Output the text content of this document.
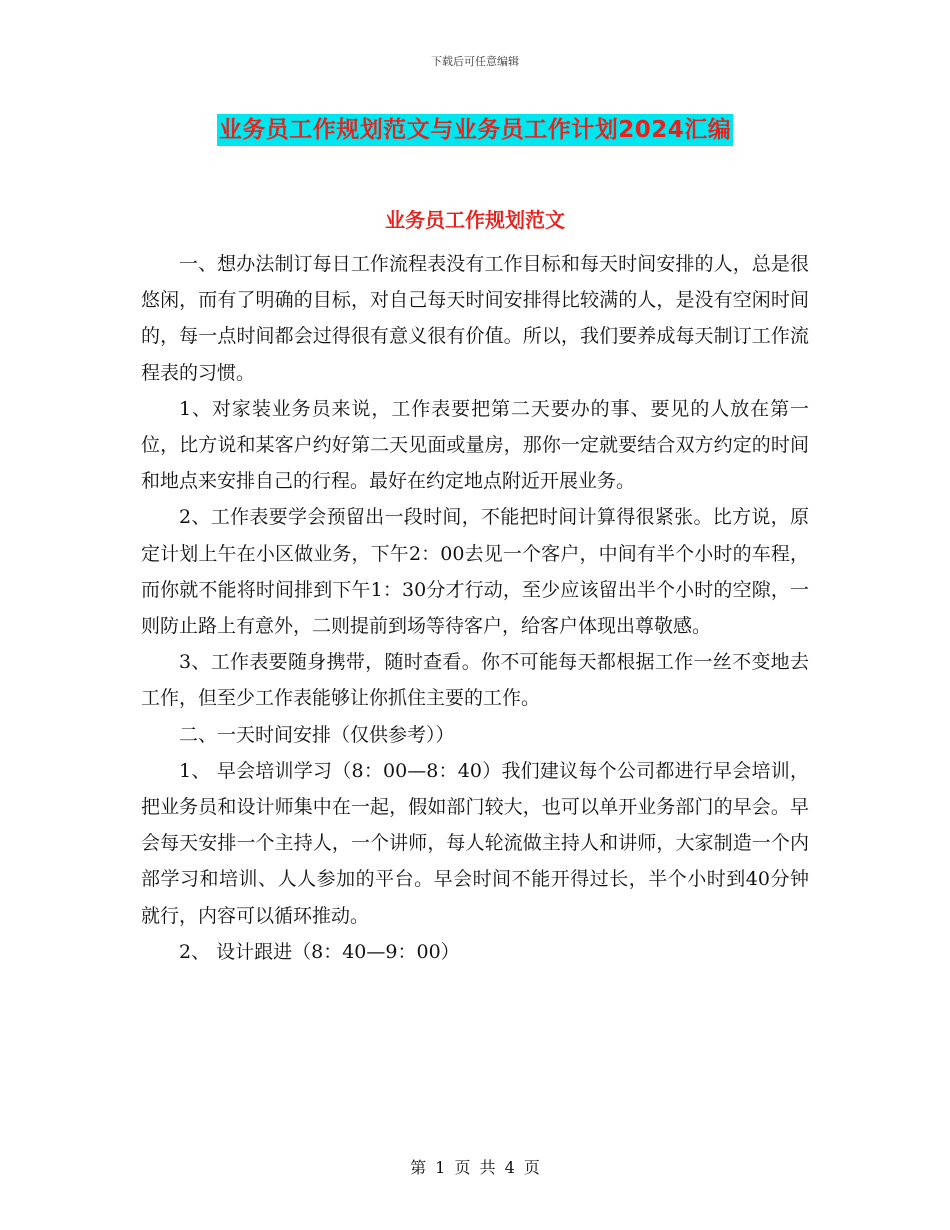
下载后可任意编辑
业务员工作规划范文与业务员工作计划2024汇编
业务员工作规划范文

一、想办法制订每日工作流程表没有工作目标和每天时间安排的人，总是很悠闲，而有了明确的目标，对自己每天时间安排得比较满的人，是没有空闲时间的，每一点时间都会过得很有意义很有价值。所以，我们要养成每天制订工作流程表的习惯。

1、对家装业务员来说，工作表要把第二天要办的事、要见的人放在第一位，比方说和某客户约好第二天见面或量房，那你一定就要结合双方约定的时间和地点来安排自己的行程。最好在约定地点附近开展业务。

2、工作表要学会预留出一段时间，不能把时间计算得很紧张。比方说，原定计划上午在小区做业务，下午2：00去见一个客户，中间有半个小时的车程，而你就不能将时间排到下午1：30分才行动，至少应该留出半个小时的空隙，一则防止路上有意外，二则提前到场等待客户，给客户体现出尊敬感。

3、工作表要随身携带，随时查看。你不可能每天都根据工作一丝不变地去工作，但至少工作表能够让你抓住主要的工作。

二、一天时间安排（仅供参考））

1、 早会培训学习（8：00—8：40）我们建议每个公司都进行早会培训，把业务员和设计师集中在一起，假如部门较大，也可以单开业务部门的早会。早会每天安排一个主持人，一个讲师，每人轮流做主持人和讲师，大家制造一个内部学习和培训、人人参加的平台。早会时间不能开得过长，半个小时到40分钟就行，内容可以循环推动。

2、 设计跟进（8：40—9：00）

第 1 页 共 4 页
